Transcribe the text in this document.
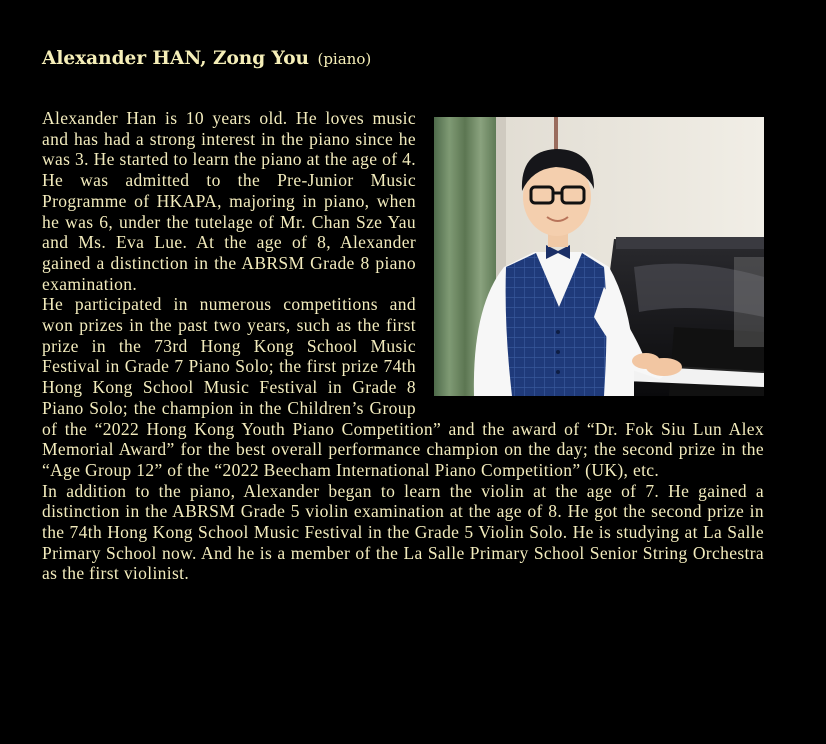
Alexander HAN, Zong You (piano)

Alexander Han is 10 years old. He loves music and has had a strong interest in the piano since he was 3. He started to learn the piano at the age of 4. He was admitted to the Pre-Junior Music Programme of HKAPA, majoring in piano, when he was 6, under the tutelage of Mr. Chan Sze Yau and Ms. Eva Lue. At the age of 8, Alexander gained a distinction in the ABRSM Grade 8 piano examination.

He participated in numerous competitions and won prizes in the past two years, such as the first prize in the 73rd Hong Kong School Music Festival in Grade 7 Piano Solo; the first prize 74th Hong Kong School Music Festival in Grade 8 Piano Solo; the champion in the Children’s Group of the “2022 Hong Kong Youth Piano Competition” and the award of “Dr. Fok Siu Lun Alex Memorial Award” for the best overall performance champion on the day; the second prize in the “Age Group 12” of the “2022 Beecham International Piano Competition” (UK), etc.

In addition to the piano, Alexander began to learn the violin at the age of 7. He gained a distinction in the ABRSM Grade 5 violin examination at the age of 8. He got the second prize in the 74th Hong Kong School Music Festival in the Grade 5 Violin Solo. He is studying at La Salle Primary School now. And he is a member of the La Salle Primary School Senior String Orchestra as the first violinist.
